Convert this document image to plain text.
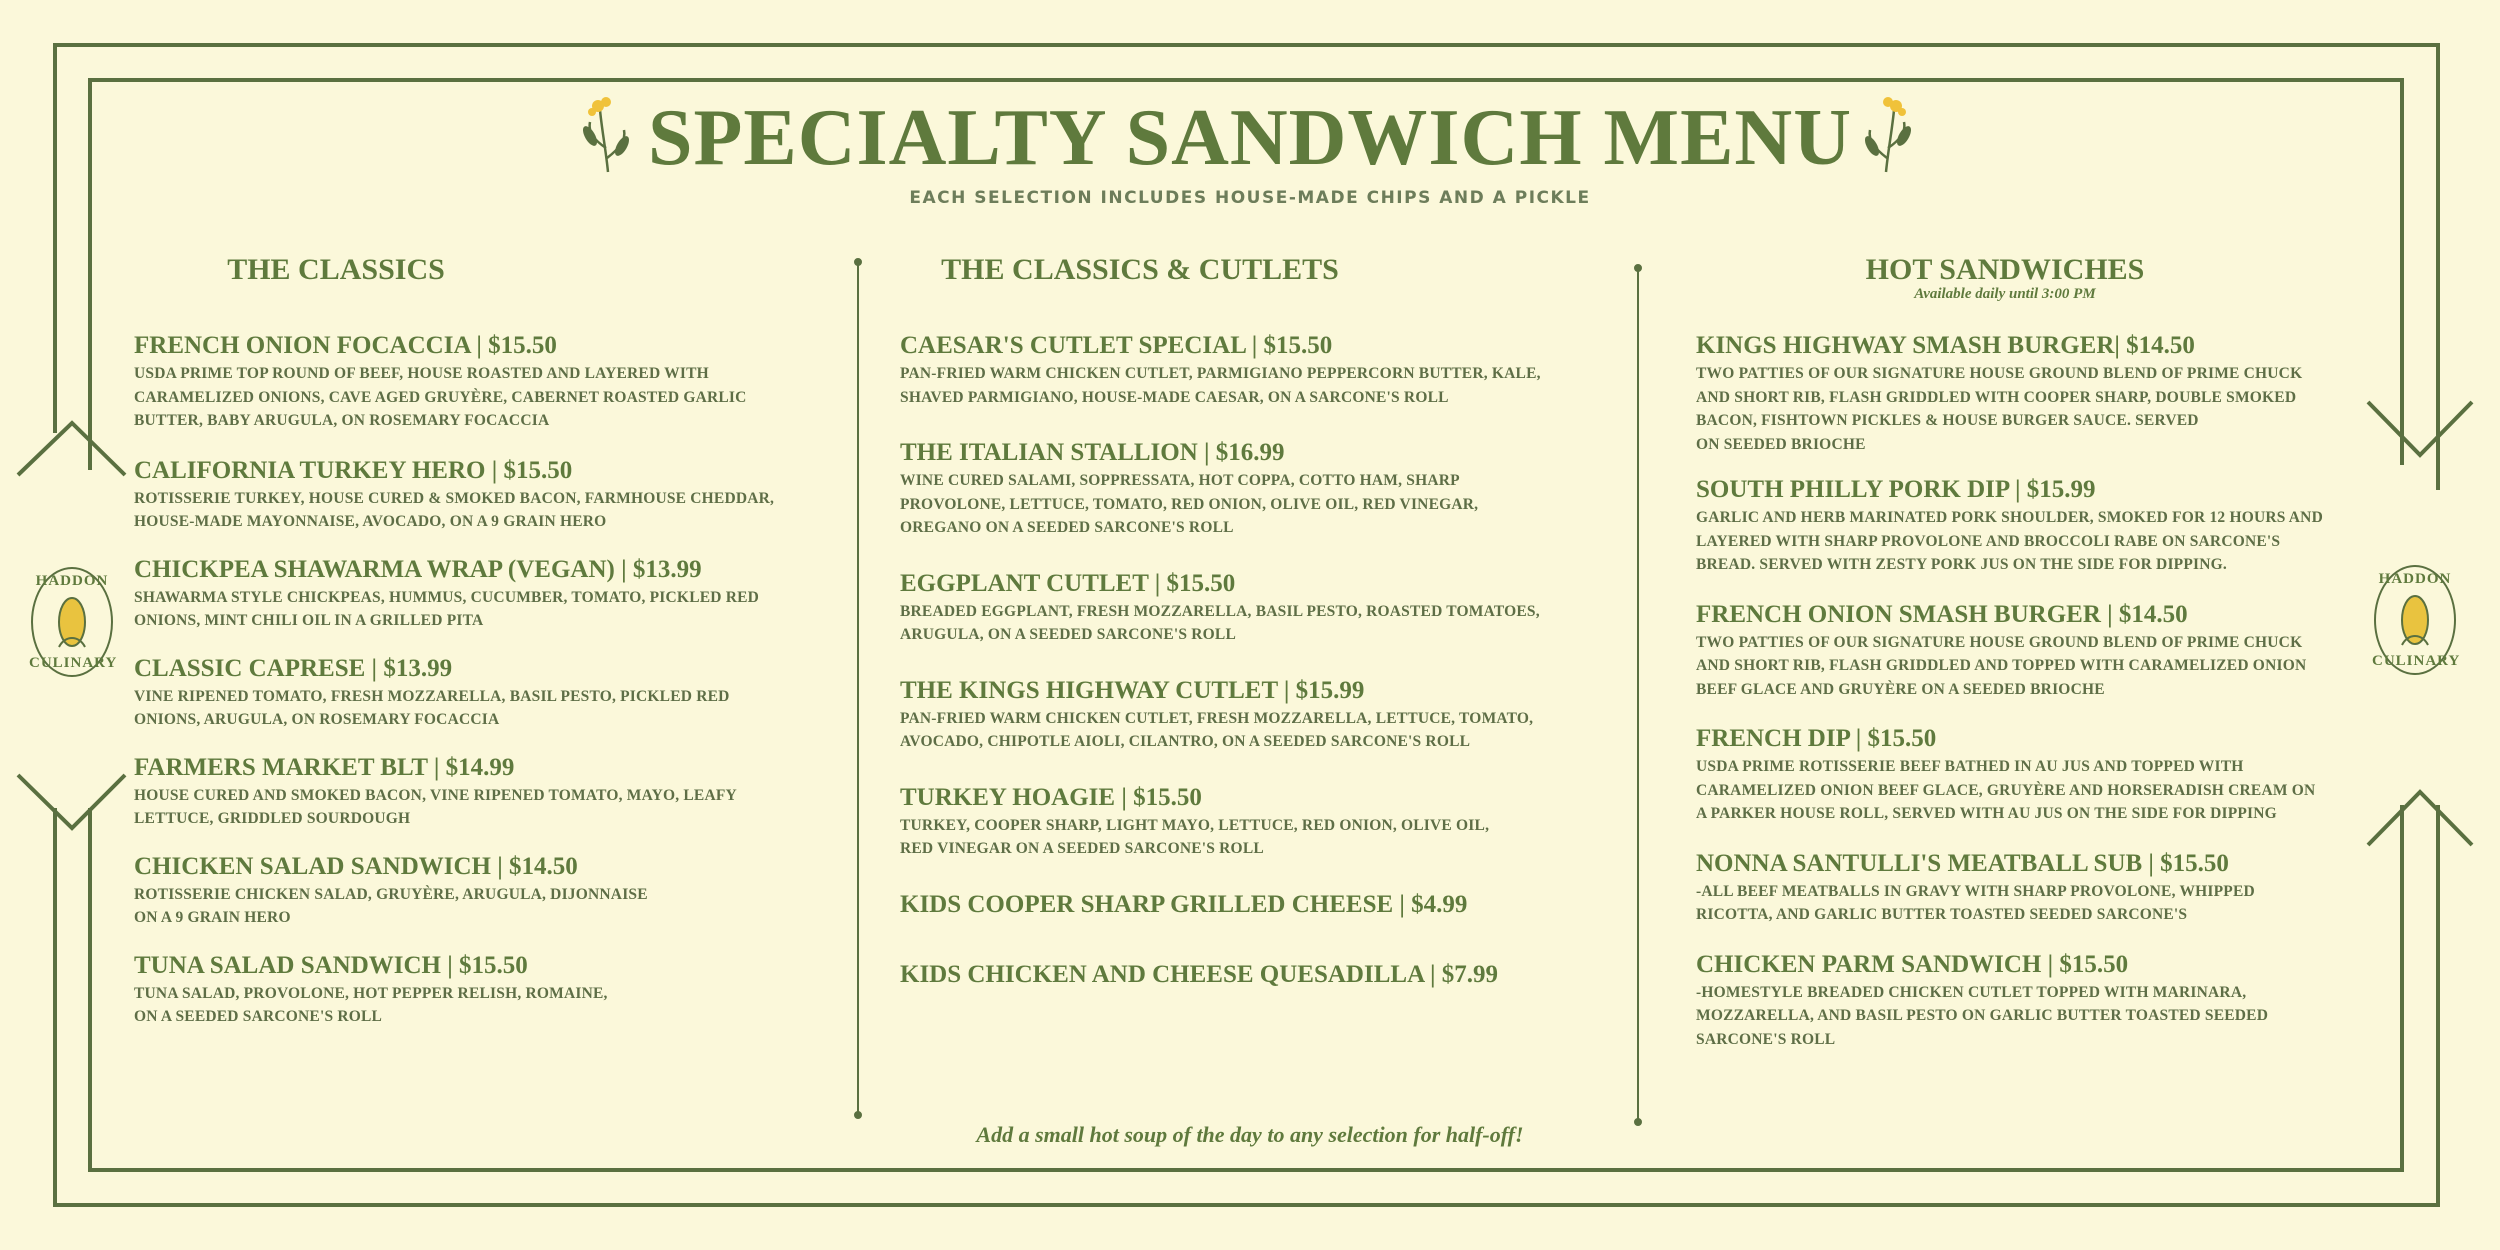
SPECIALTY SANDWICH MENU
EACH SELECTION INCLUDES HOUSE-MADE CHIPS AND A PICKLE
HADDON
CULINARY
HADDON
CULINARY
THE CLASSICS
FRENCH ONION FOCACCIA | $15.50
USDA PRIME TOP ROUND OF BEEF, HOUSE ROASTED AND LAYERED WITH
CARAMELIZED ONIONS, CAVE AGED GRUYÈRE, CABERNET ROASTED GARLIC
BUTTER, BABY ARUGULA, ON ROSEMARY FOCACCIA
CALIFORNIA TURKEY HERO | $15.50
ROTISSERIE TURKEY, HOUSE CURED & SMOKED BACON, FARMHOUSE CHEDDAR,
HOUSE-MADE MAYONNAISE, AVOCADO, ON A 9 GRAIN HERO
CHICKPEA SHAWARMA WRAP (VEGAN) | $13.99
SHAWARMA STYLE CHICKPEAS, HUMMUS, CUCUMBER, TOMATO, PICKLED RED
ONIONS, MINT CHILI OIL IN A GRILLED PITA
CLASSIC CAPRESE | $13.99
VINE RIPENED TOMATO, FRESH MOZZARELLA, BASIL PESTO, PICKLED RED
ONIONS, ARUGULA, ON ROSEMARY FOCACCIA
FARMERS MARKET BLT | $14.99
HOUSE CURED AND SMOKED BACON, VINE RIPENED TOMATO, MAYO, LEAFY
LETTUCE, GRIDDLED SOURDOUGH
CHICKEN SALAD SANDWICH | $14.50
ROTISSERIE CHICKEN SALAD, GRUYÈRE, ARUGULA, DIJONNAISE
ON A 9 GRAIN HERO
TUNA SALAD SANDWICH | $15.50
TUNA SALAD, PROVOLONE, HOT PEPPER RELISH, ROMAINE,
ON A SEEDED SARCONE'S ROLL
THE CLASSICS & CUTLETS
CAESAR'S CUTLET SPECIAL | $15.50
PAN-FRIED WARM CHICKEN CUTLET, PARMIGIANO PEPPERCORN BUTTER, KALE,
SHAVED PARMIGIANO, HOUSE-MADE CAESAR, ON A SARCONE'S ROLL
THE ITALIAN STALLION | $16.99
WINE CURED SALAMI, SOPPRESSATA, HOT COPPA, COTTO HAM, SHARP
PROVOLONE, LETTUCE, TOMATO, RED ONION, OLIVE OIL, RED VINEGAR,
OREGANO ON A SEEDED SARCONE'S ROLL
EGGPLANT CUTLET | $15.50
BREADED EGGPLANT, FRESH MOZZARELLA, BASIL PESTO, ROASTED TOMATOES,
ARUGULA, ON A SEEDED SARCONE'S ROLL
THE KINGS HIGHWAY CUTLET | $15.99
PAN-FRIED WARM CHICKEN CUTLET, FRESH MOZZARELLA, LETTUCE, TOMATO,
AVOCADO, CHIPOTLE AIOLI, CILANTRO, ON A SEEDED SARCONE'S ROLL
TURKEY HOAGIE | $15.50
TURKEY, COOPER SHARP, LIGHT MAYO, LETTUCE, RED ONION, OLIVE OIL,
RED VINEGAR ON A SEEDED SARCONE'S ROLL
KIDS COOPER SHARP GRILLED CHEESE | $4.99
KIDS CHICKEN AND CHEESE QUESADILLA | $7.99
HOT SANDWICHES
Available daily until 3:00 PM
KINGS HIGHWAY SMASH BURGER| $14.50
TWO PATTIES OF OUR SIGNATURE HOUSE GROUND BLEND OF PRIME CHUCK
AND SHORT RIB, FLASH GRIDDLED WITH COOPER SHARP, DOUBLE SMOKED
BACON, FISHTOWN PICKLES & HOUSE BURGER SAUCE. SERVED
ON SEEDED BRIOCHE
SOUTH PHILLY PORK DIP | $15.99
GARLIC AND HERB MARINATED PORK SHOULDER, SMOKED FOR 12 HOURS AND
LAYERED WITH SHARP PROVOLONE AND BROCCOLI RABE ON SARCONE'S
BREAD. SERVED WITH ZESTY PORK JUS ON THE SIDE FOR DIPPING.
FRENCH ONION SMASH BURGER | $14.50
TWO PATTIES OF OUR SIGNATURE HOUSE GROUND BLEND OF PRIME CHUCK
AND SHORT RIB, FLASH GRIDDLED AND TOPPED WITH CARAMELIZED ONION
BEEF GLACE AND GRUYÈRE ON A SEEDED BRIOCHE
FRENCH DIP | $15.50
USDA PRIME ROTISSERIE BEEF BATHED IN AU JUS AND TOPPED WITH
CARAMELIZED ONION BEEF GLACE, GRUYÈRE AND HORSERADISH CREAM ON
A PARKER HOUSE ROLL, SERVED WITH AU JUS ON THE SIDE FOR DIPPING
NONNA SANTULLI'S MEATBALL SUB | $15.50
-ALL BEEF MEATBALLS IN GRAVY WITH SHARP PROVOLONE, WHIPPED
RICOTTA, AND GARLIC BUTTER TOASTED SEEDED SARCONE'S
CHICKEN PARM SANDWICH | $15.50
-HOMESTYLE BREADED CHICKEN CUTLET TOPPED WITH MARINARA,
MOZZARELLA, AND BASIL PESTO ON GARLIC BUTTER TOASTED SEEDED
SARCONE'S ROLL
Add a small hot soup of the day to any selection for half-off!
